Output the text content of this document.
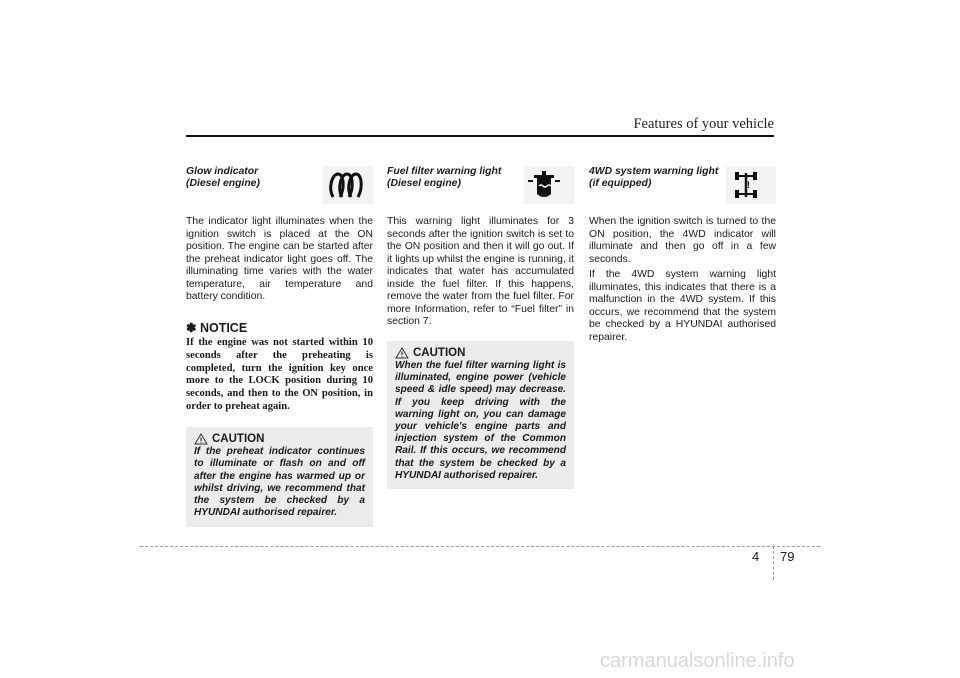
Features of your vehicle
Glow indicator
(Diesel engine)

The indicator light illuminates when the ignition switch is placed at the ON position. The engine can be started after the preheat indicator light goes off. The illuminating time varies with the water temperature, air temperature and battery condition.

✽ NOTICE

If the engine was not started within 10 seconds after the preheating is completed, turn the ignition key once more to the LOCK position during 10 seconds, and then to the ON position, in order to preheat again.

CAUTION

If the preheat indicator continues to illuminate or flash on and off after the engine has warmed up or whilst driving, we recommend that the system be checked by a HYUNDAI authorised repairer.

Fuel filter warning light
(Diesel engine)

This warning light illuminates for 3 seconds after the ignition switch is set to the ON position and then it will go out. If it lights up whilst the engine is running, it indicates that water has accumulated inside the fuel filter. If this happens, remove the water from the fuel filter. For more Information, refer to “Fuel filter” in section 7.

CAUTION

When the fuel filter warning light is illuminated, engine power (vehicle speed & idle speed) may decrease. If you keep driving with the warning light on, you can damage your vehicle's engine parts and injection system of the Common Rail. If this occurs, we recommend that the system be checked by a HYUNDAI authorised repairer.

4WD system warning light
(if equipped)	!

When the ignition switch is turned to the ON position, the 4WD indicator will illuminate and then go off in a few seconds.

If the 4WD system warning light illuminates, this indicates that there is a malfunction in the 4WD system. If this occurs, we recommend that the system be checked by a HYUNDAI authorised repairer.

4 79
carmanualsonline.info
